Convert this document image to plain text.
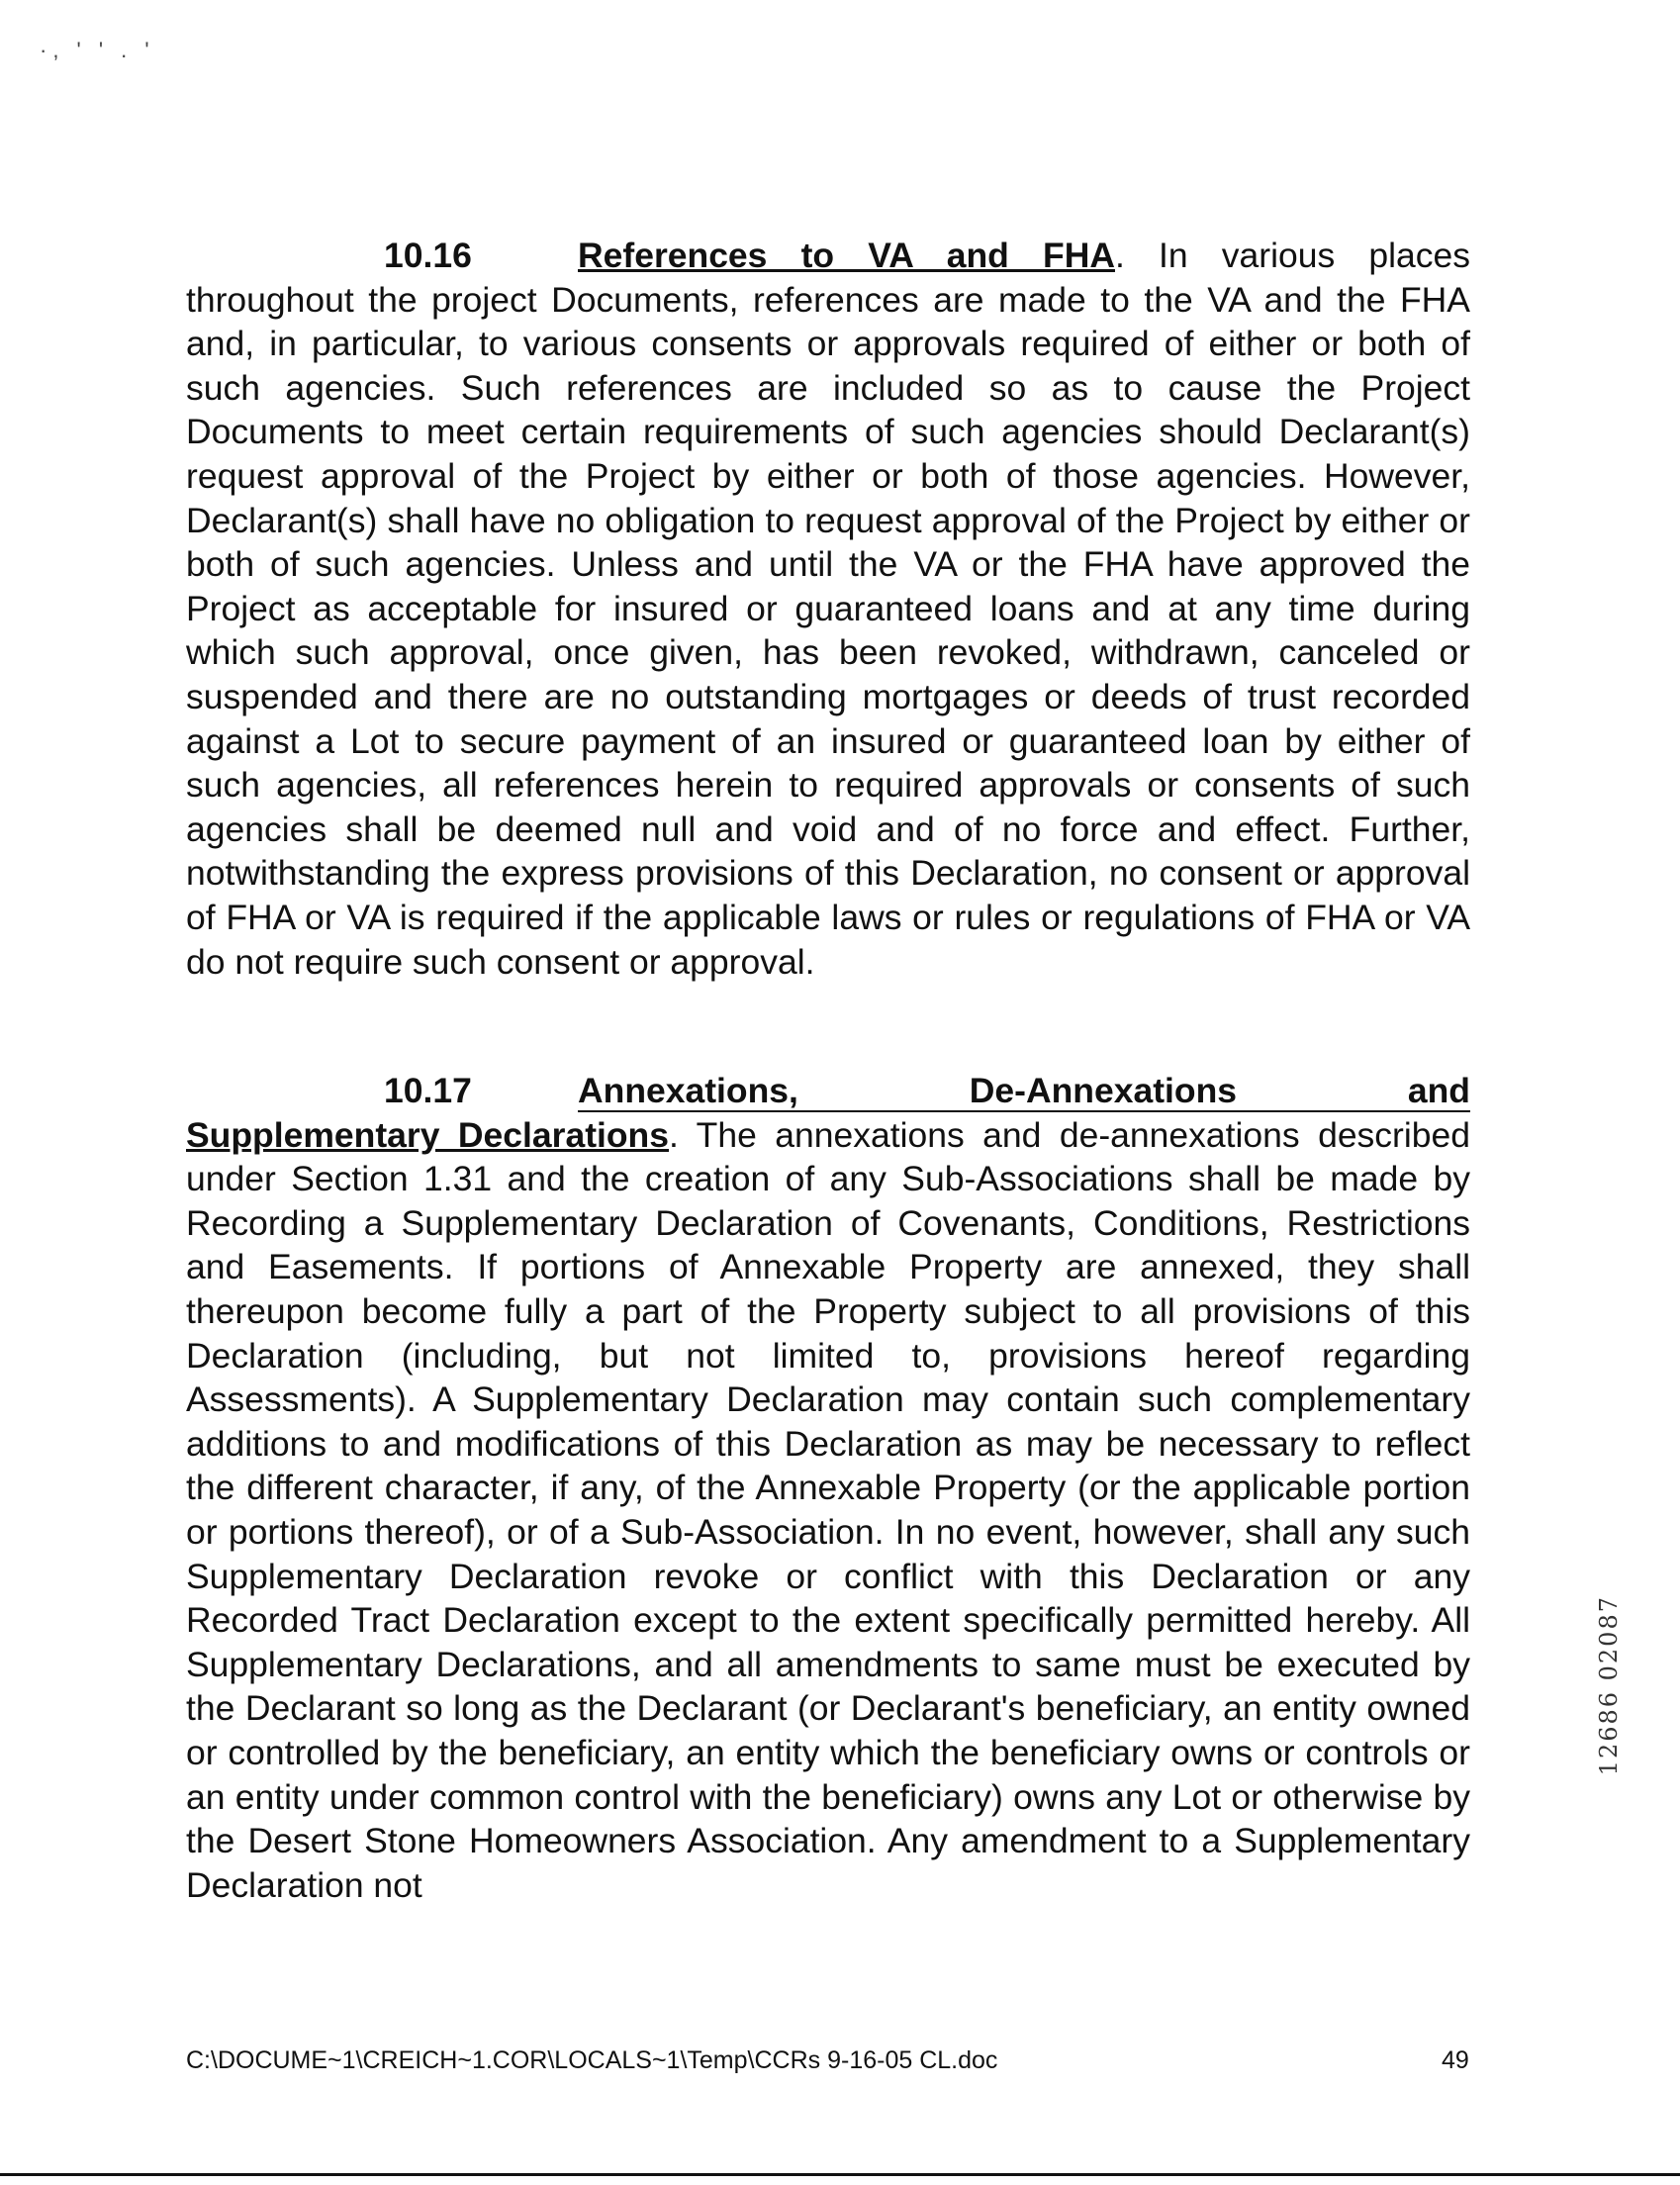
·, ' ' . '
10.16	References to VA and FHA. In various places throughout the project Documents, references are made to the VA and the FHA and, in particular, to various consents or approvals required of either or both of such agencies. Such references are included so as to cause the Project Documents to meet certain requirements of such agencies should Declarant(s) request approval of the Project by either or both of those agencies. However, Declarant(s) shall have no obligation to request approval of the Project by either or both of such agencies. Unless and until the VA or the FHA have approved the Project as acceptable for insured or guaranteed loans and at any time during which such approval, once given, has been revoked, withdrawn, canceled or suspended and there are no outstanding mortgages or deeds of trust recorded against a Lot to secure payment of an insured or guaranteed loan by either of such agencies, all references herein to required approvals or consents of such agencies shall be deemed null and void and of no force and effect. Further, notwithstanding the express provisions of this Declaration, no consent or approval of FHA or VA is required if the applicable laws or rules or regulations of FHA or VA do not require such consent or approval.
10.17	Annexations,	De-Annexations	and
Supplementary Declarations. The annexations and de-annexations described under Section 1.31 and the creation of any Sub-Associations shall be made by Recording a Supplementary Declaration of Covenants, Conditions, Restrictions and Easements. If portions of Annexable Property are annexed, they shall thereupon become fully a part of the Property subject to all provisions of this Declaration (including, but not limited to, provisions hereof regarding Assessments). A Supplementary Declaration may contain such complementary additions to and modifications of this Declaration as may be necessary to reflect the different character, if any, of the Annexable Property (or the applicable portion or portions thereof), or of a Sub-Association. In no event, however, shall any such Supplementary Declaration revoke or conflict with this Declaration or any Recorded Tract Declaration except to the extent specifically permitted hereby. All Supplementary Declarations, and all amendments to same must be executed by the Declarant so long as the Declarant (or Declarant's beneficiary, an entity owned or controlled by the beneficiary, an entity which the beneficiary owns or controls or an entity under common control with the beneficiary) owns any Lot or otherwise by the Desert Stone Homeowners Association. Any amendment to a Supplementary Declaration not
12686 02087
C:\DOCUME~1\CREICH~1.COR\LOCALS~1\Temp\CCRs 9-16-05 CL.doc	49
